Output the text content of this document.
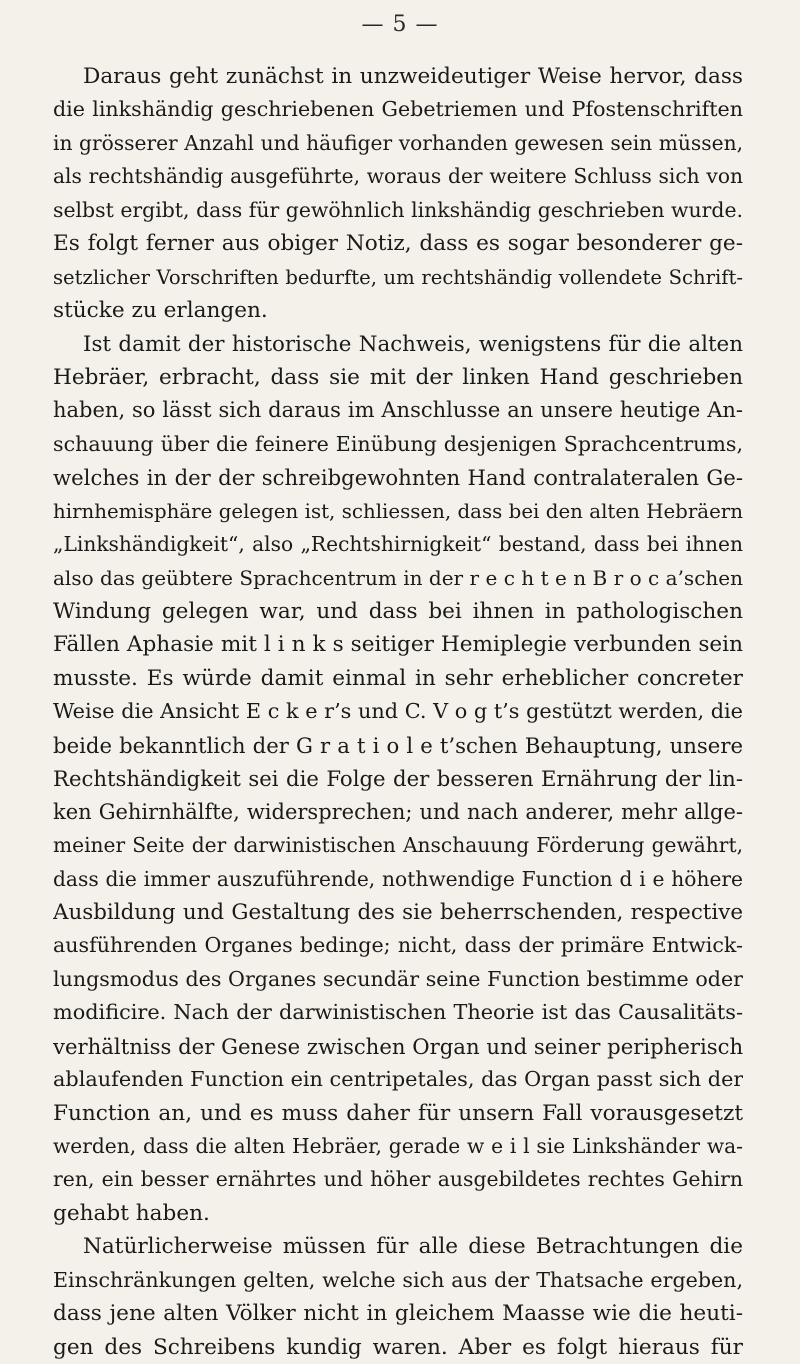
— 5 —
Daraus geht zunächst in unzweideutiger Weise hervor, dass
die linkshändig geschriebenen Gebetriemen und Pfostenschriften
in grösserer Anzahl und häufiger vorhanden gewesen sein müssen,
als rechtshändig ausgeführte, woraus der weitere Schluss sich von
selbst ergibt, dass für gewöhnlich linkshändig geschrieben wurde.
Es folgt ferner aus obiger Notiz, dass es sogar besonderer ge-
setzlicher Vorschriften bedurfte, um rechtshändig vollendete Schrift-
stücke zu erlangen.
Ist damit der historische Nachweis, wenigstens für die alten
Hebräer, erbracht, dass sie mit der linken Hand geschrieben
haben, so lässt sich daraus im Anschlusse an unsere heutige An-
schauung über die feinere Einübung desjenigen Sprachcentrums,
welches in der der schreibgewohnten Hand contralateralen Ge-
hirnhemisphäre gelegen ist, schliessen, dass bei den alten Hebräern
„Linkshändigkeit“, also „Rechtshirnigkeit“ bestand, dass bei ihnen
also das geübtere Sprachcentrum in der r e c h t e n B r o c a’schen
Windung gelegen war, und dass bei ihnen in pathologischen
Fällen Aphasie mit l i n k s seitiger Hemiplegie verbunden sein
musste. Es würde damit einmal in sehr erheblicher concreter
Weise die Ansicht E c k e r’s und C. V o g t’s gestützt werden, die
beide bekanntlich der G r a t i o l e t’schen Behauptung, unsere
Rechtshändigkeit sei die Folge der besseren Ernährung der lin-
ken Gehirnhälfte, widersprechen; und nach anderer, mehr allge-
meiner Seite der darwinistischen Anschauung Förderung gewährt,
dass die immer auszuführende, nothwendige Function d i e höhere
Ausbildung und Gestaltung des sie beherrschenden, respective
ausführenden Organes bedinge; nicht, dass der primäre Entwick-
lungsmodus des Organes secundär seine Function bestimme oder
modificire. Nach der darwinistischen Theorie ist das Causalitäts-
verhältniss der Genese zwischen Organ und seiner peripherisch
ablaufenden Function ein centripetales, das Organ passt sich der
Function an, und es muss daher für unsern Fall vorausgesetzt
werden, dass die alten Hebräer, gerade w e i l sie Linkshänder wa-
ren, ein besser ernährtes und höher ausgebildetes rechtes Gehirn
gehabt haben.
Natürlicherweise müssen für alle diese Betrachtungen die
Einschränkungen gelten, welche sich aus der Thatsache ergeben,
dass jene alten Völker nicht in gleichem Maasse wie die heuti-
gen des Schreibens kundig waren. Aber es folgt hieraus für
